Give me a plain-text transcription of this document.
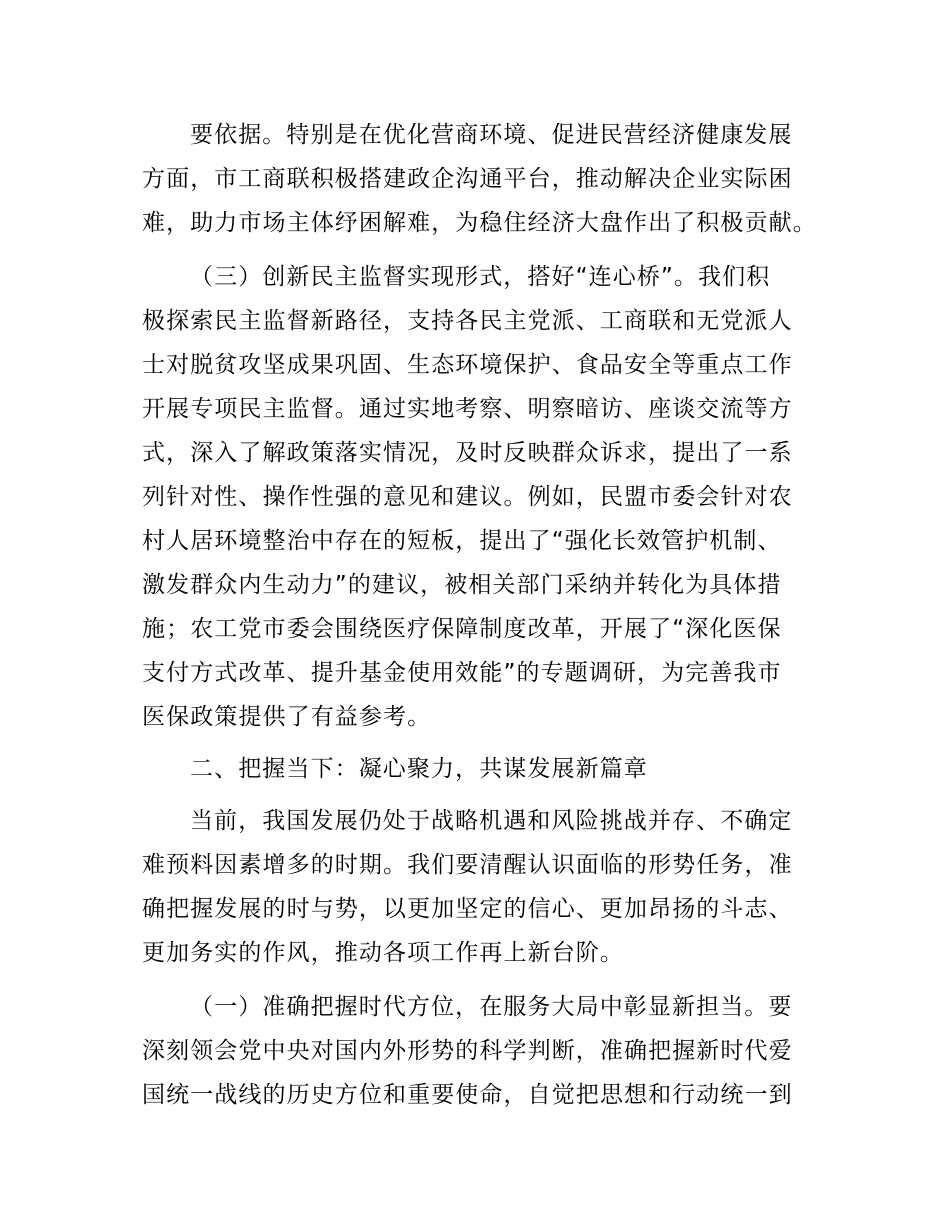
要依据。特别是在优化营商环境、促进民营经济健康发展
方面，市工商联积极搭建政企沟通平台，推动解决企业实际困
难，助力市场主体纾困解难，为稳住经济大盘作出了积极贡献。
（三）创新民主监督实现形式，搭好“连心桥”。我们积
极探索民主监督新路径，支持各民主党派、工商联和无党派人
士对脱贫攻坚成果巩固、生态环境保护、食品安全等重点工作
开展专项民主监督。通过实地考察、明察暗访、座谈交流等方
式，深入了解政策落实情况，及时反映群众诉求，提出了一系
列针对性、操作性强的意见和建议。例如，民盟市委会针对农
村人居环境整治中存在的短板，提出了“强化长效管护机制、
激发群众内生动力”的建议，被相关部门采纳并转化为具体措
施；农工党市委会围绕医疗保障制度改革，开展了“深化医保
支付方式改革、提升基金使用效能”的专题调研，为完善我市
医保政策提供了有益参考。
二、把握当下：凝心聚力，共谋发展新篇章
当前，我国发展仍处于战略机遇和风险挑战并存、不确定
难预料因素增多的时期。我们要清醒认识面临的形势任务，准
确把握发展的时与势，以更加坚定的信心、更加昂扬的斗志、
更加务实的作风，推动各项工作再上新台阶。
（一）准确把握时代方位，在服务大局中彰显新担当。要
深刻领会党中央对国内外形势的科学判断，准确把握新时代爱
国统一战线的历史方位和重要使命，自觉把思想和行动统一到
